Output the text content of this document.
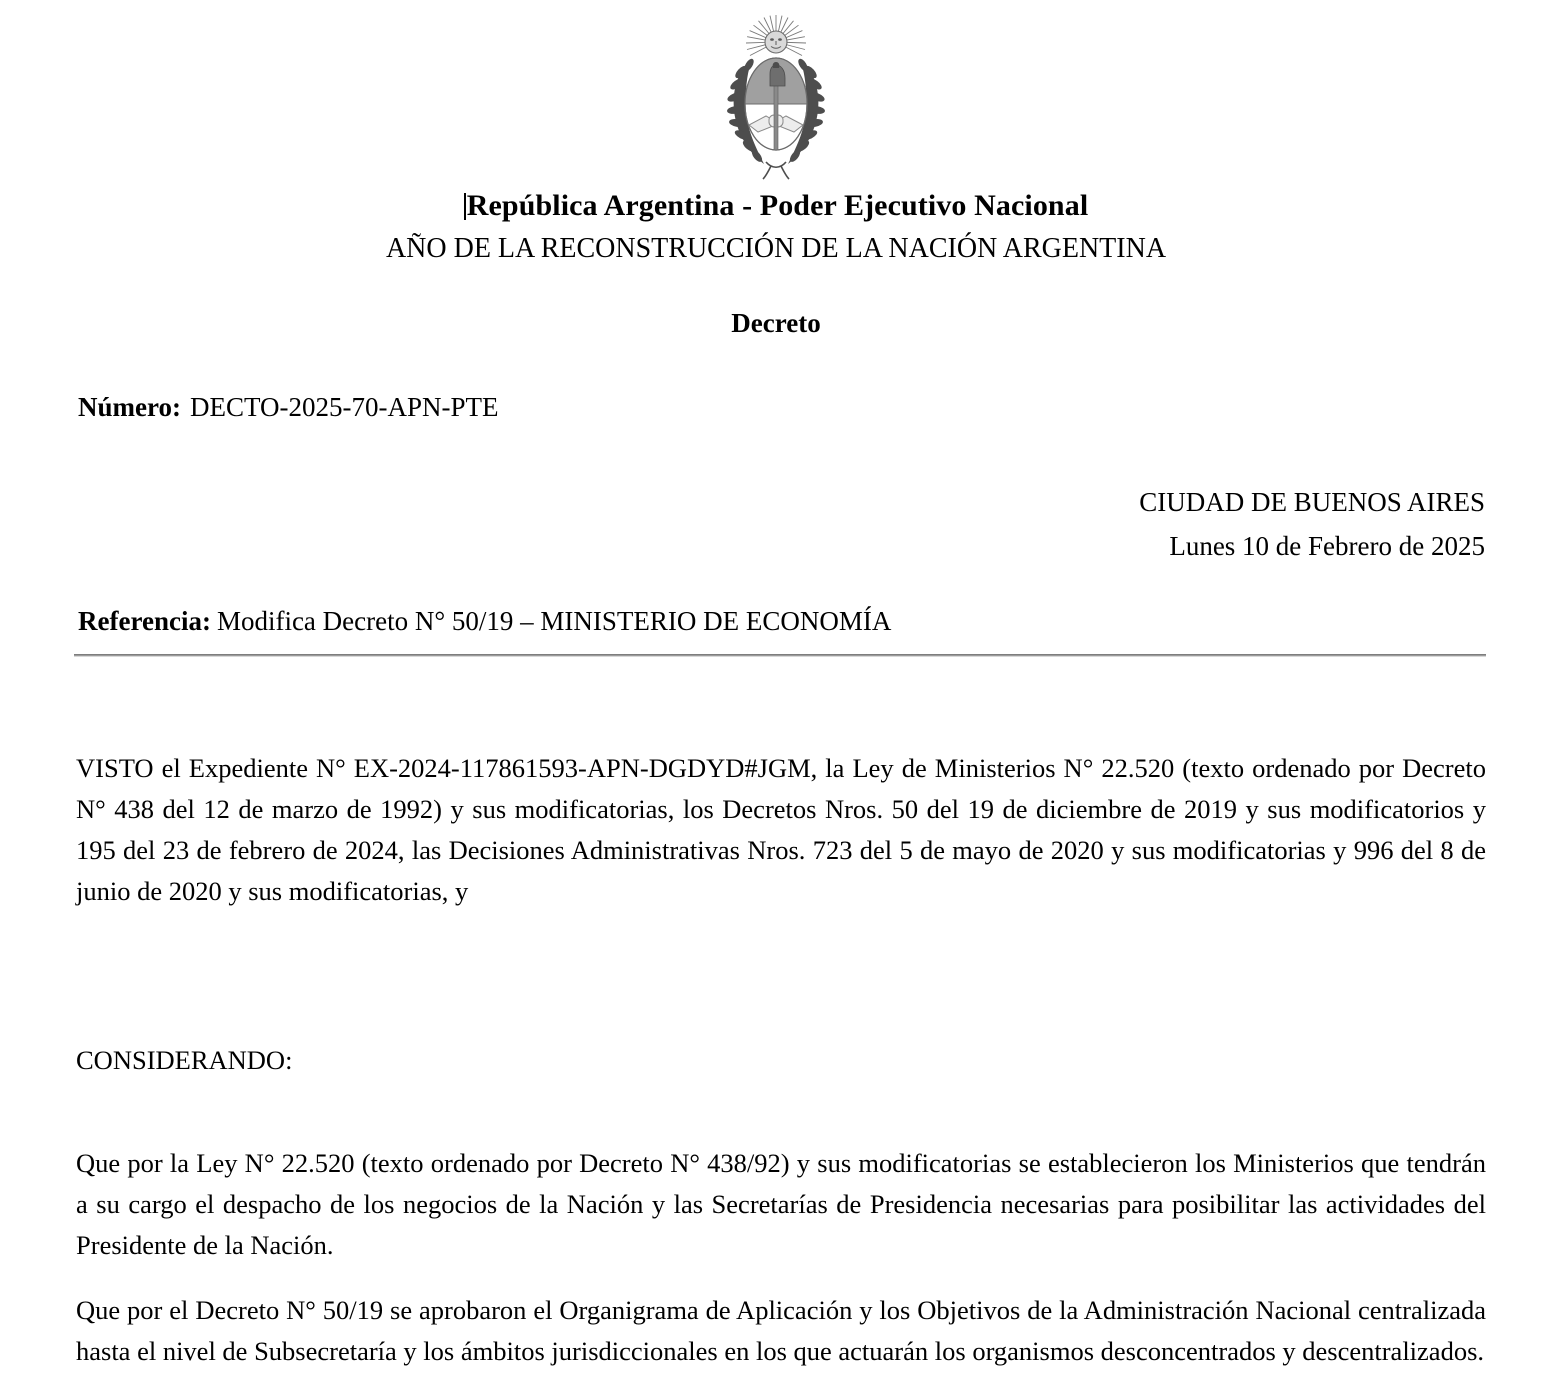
República Argentina - Poder Ejecutivo Nacional
AÑO DE LA RECONSTRUCCIÓN DE LA NACIÓN ARGENTINA
Decreto
Número: DECTO-2025-70-APN-PTE
CIUDAD DE BUENOS AIRES
Lunes 10 de Febrero de 2025
Referencia: Modifica Decreto N° 50/19 – MINISTERIO DE ECONOMÍA

VISTO el Expediente N° EX-2024-117861593-APN-DGDYD#JGM, la Ley de Ministerios N° 22.520 (texto ordenado por Decreto N° 438 del 12 de marzo de 1992) y sus modificatorias, los Decretos Nros. 50 del 19 de diciembre de 2019 y sus modificatorios y 195 del 23 de febrero de 2024, las Decisiones Administrativas Nros. 723 del 5 de mayo de 2020 y sus modificatorias y 996 del 8 de junio de 2020 y sus modificatorias, y

CONSIDERANDO:

Que por la Ley N° 22.520 (texto ordenado por Decreto N° 438/92) y sus modificatorias se establecieron los Ministerios que tendrán a su cargo el despacho de los negocios de la Nación y las Secretarías de Presidencia necesarias para posibilitar las actividades del Presidente de la Nación.

Que por el Decreto N° 50/19 se aprobaron el Organigrama de Aplicación y los Objetivos de la Administración Nacional centralizada hasta el nivel de Subsecretaría y los ámbitos jurisdiccionales en los que actuarán los organismos desconcentrados y descentralizados.
